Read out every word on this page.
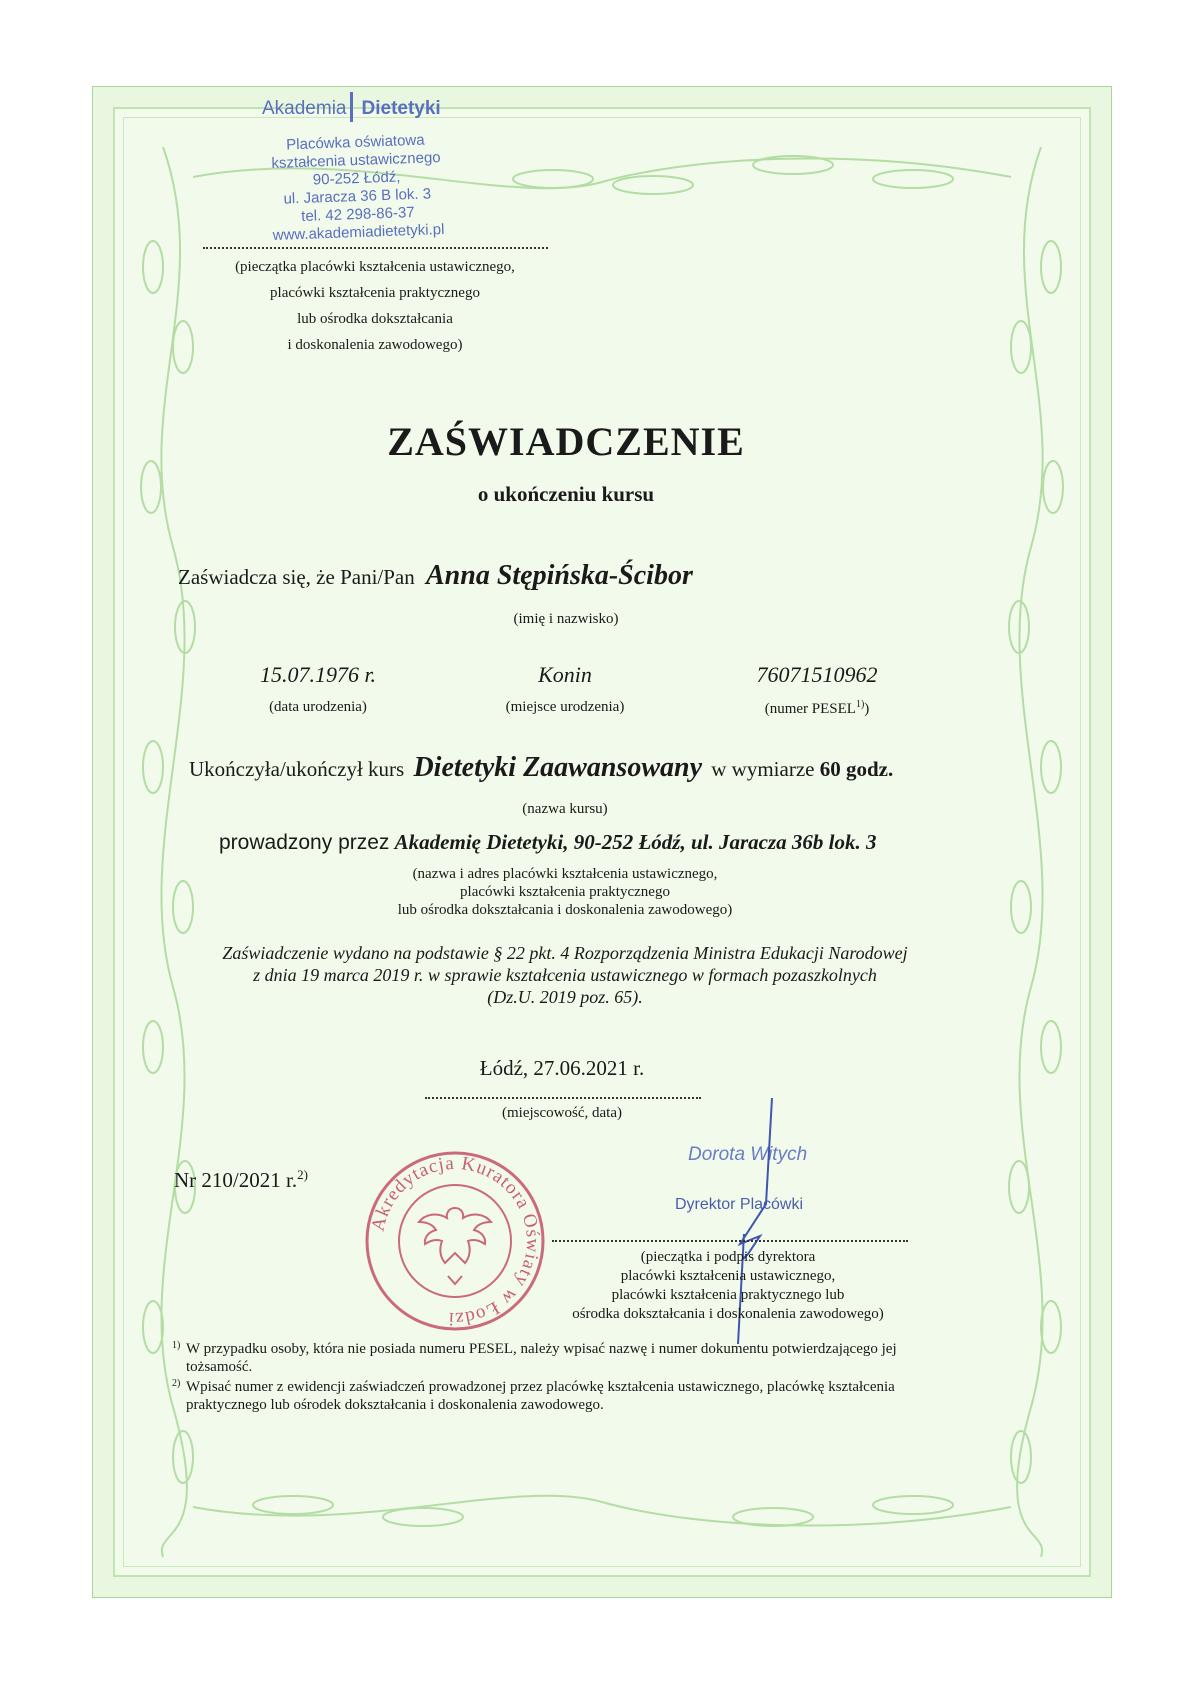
Akademia Dietetyki
Placówka oświatowa
kształcenia ustawicznego
90-252 Łódź,
ul. Jaracza 36 B lok. 3
tel. 42 298-86-37
www.akademiadietetyki.pl
(pieczątka placówki kształcenia ustawicznego,
placówki kształcenia praktycznego
lub ośrodka dokształcania
i doskonalenia zawodowego)
ZAŚWIADCZENIE
o ukończeniu kursu
Zaświadcza się, że Pani/Pan Anna Stępińska-Ścibor
(imię i nazwisko)
15.07.1976 r.
(data urodzenia)
Konin
(miejsce urodzenia)
76071510962
(numer PESEL$^{1)}$)
Ukończyła/ukończył kurs Dietetyki Zaawansowany w wymiarze 60 godz.
(nazwa kursu)
prowadzony przez Akademię Dietetyki, 90-252 Łódź, ul. Jaracza 36b lok. 3
(nazwa i adres placówki kształcenia ustawicznego,
placówki kształcenia praktycznego
lub ośrodka dokształcania i doskonalenia zawodowego)
Zaświadczenie wydano na podstawie § 22 pkt. 4 Rozporządzenia Ministra Edukacji Narodowej
z dnia 19 marca 2019 r. w sprawie kształcenia ustawicznego w formach pozaszkolnych
(Dz.U. 2019 poz. 65).
Łódź, 27.06.2021 r.
(miejscowość, data)
Nr 210/2021 r.$^{2)}$
Akredytacja Kuratora Oświaty w Łodzi
Dorota Witych
Dyrektor Placówki
(pieczątka i podpis dyrektora
placówki kształcenia ustawicznego,
placówki kształcenia praktycznego lub
ośrodka dokształcania i doskonalenia zawodowego)
1) W przypadku osoby, która nie posiada numeru PESEL, należy wpisać nazwę i numer dokumentu potwierdzającego jej
tożsamość.
2) Wpisać numer z ewidencji zaświadczeń prowadzonej przez placówkę kształcenia ustawicznego, placówkę kształcenia
praktycznego lub ośrodek dokształcania i doskonalenia zawodowego.
